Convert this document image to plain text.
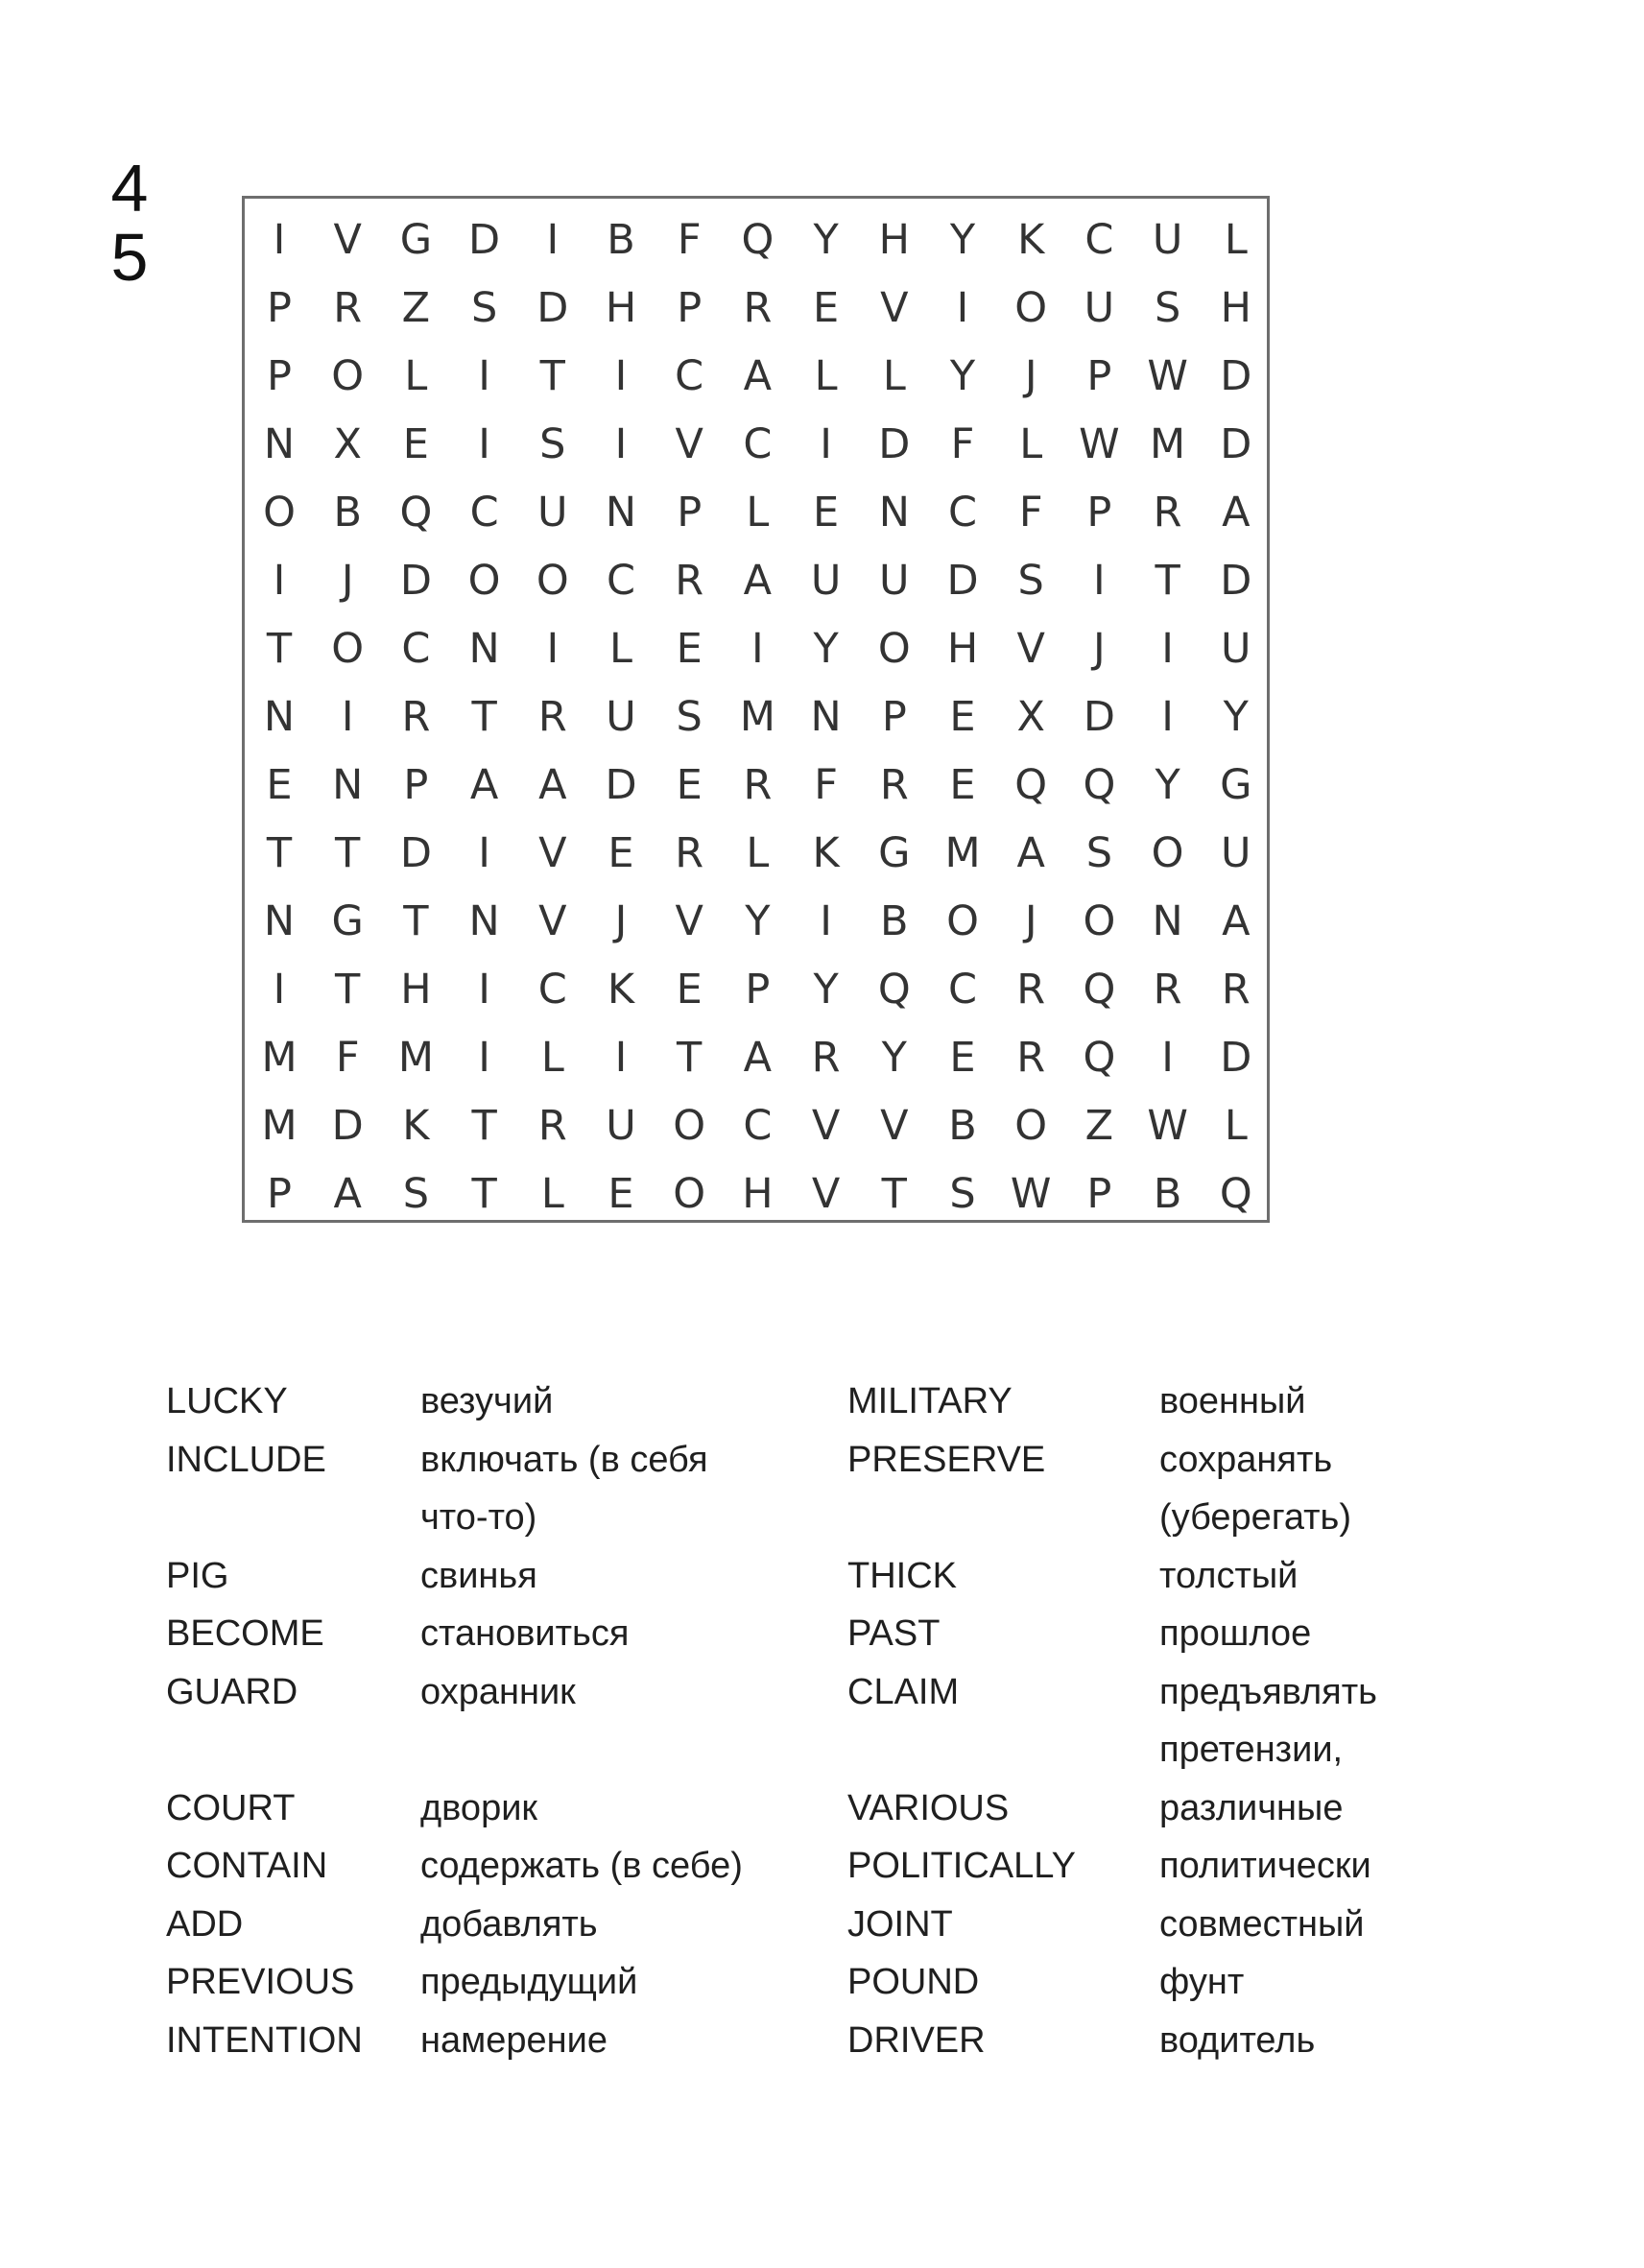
4
5	I	V G D	I	B	F Q Y H Y	K C U	L
P	R Z S D H P	R E V	I	O U S H
P O L	I	T	I	C A	L	L	Y	J	P W D
N X E	I	S	I	V C	I	D F	L W M D
O B Q C U N P	L	E N C	F	P	R A
I	J	D O O C R A U U D S	I	T D
T O C N	I	L	E	I	Y O H V	J	I	U
N	I	R	T	R U S M N P	E X D	I	Y
E N P	A A D E R	F	R E Q Q Y G
T	T D	I	V E R	L	K G M A S O U
N G T N V	J	V	Y	I	B O	J	O N A
I	T H	I	C K	E	P	Y Q C R Q R R
M F M	I	L	I	T	A R	Y	E R Q	I	D
M D K	T	R U O C V V B O Z W L
P	A S	T	L	E O H V	T	S W P	B Q
LUCKY	везучий	MILITARY	военный
INCLUDE	включать (в себя	PRESERVE	сохранять
что-то)	(уберегать)
PIG	свинья	THICK	толстый
BECOME	становиться	PAST	прошлое
GUARD	охранник	CLAIM	предъявлять
претензии,
COURT	дворик	VARIOUS	различные
CONTAIN	содержать (в себе)	POLITICALLY политически
ADD	добавлять	JOINT	совместный
PREVIOUS предыдущий	POUND	фунт
INTENTION намерение	DRIVER	водитель
